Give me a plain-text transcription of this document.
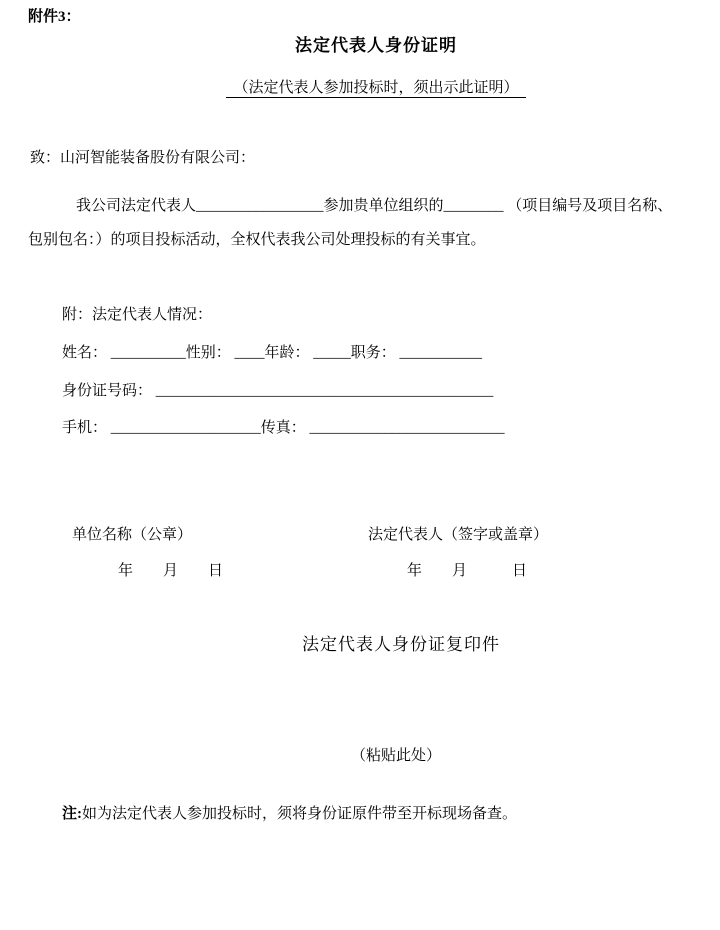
附件3：
法定代表人身份证明
（法定代表人参加投标时，须出示此证明）
致：山河智能装备股份有限公司：
我公司法定代表人_________________参加贵单位组织的________ （项目编号及项目名称、
包别包名：）的项目投标活动，全权代表我公司处理投标的有关事宜。
附：法定代表人情况：
姓名： __________性别： ____年龄： _____职务： ___________
身份证号码： _____________________________________________
手机： ____________________传真： __________________________
单位名称（公章）	法定代表人（签字或盖章）
年　　月　　日	年　　月　　　日
法定代表人身份证复印件
（粘贴此处）
注:如为法定代表人参加投标时，须将身份证原件带至开标现场备查。
